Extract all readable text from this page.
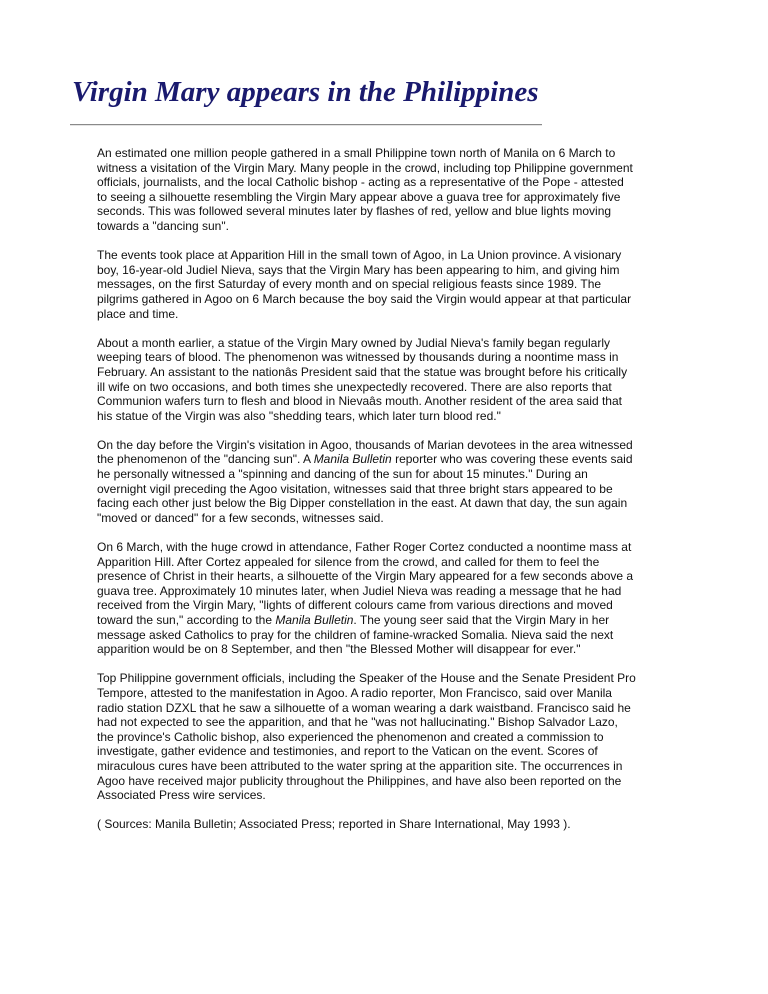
Virgin Mary appears in the Philippines

An estimated one million people gathered in a small Philippine town north of Manila on 6 March to witness a visitation of the Virgin Mary. Many people in the crowd, including top Philippine government officials, journalists, and the local Catholic bishop - acting as a representative of the Pope - attested to seeing a silhouette resembling the Virgin Mary appear above a guava tree for approximately five seconds. This was followed several minutes later by flashes of red, yellow and blue lights moving towards a "dancing sun".

The events took place at Apparition Hill in the small town of Agoo, in La Union province. A visionary boy, 16-year-old Judiel Nieva, says that the Virgin Mary has been appearing to him, and giving him messages, on the first Saturday of every month and on special religious feasts since 1989. The pilgrims gathered in Agoo on 6 March because the boy said the Virgin would appear at that particular place and time.

About a month earlier, a statue of the Virgin Mary owned by Judial Nieva's family began regularly weeping tears of blood. The phenomenon was witnessed by thousands during a noontime mass in February. An assistant to the nationâs President said that the statue was brought before his critically ill wife on two occasions, and both times she unexpectedly recovered. There are also reports that Communion wafers turn to flesh and blood in Nievaâs mouth. Another resident of the area said that his statue of the Virgin was also "shedding tears, which later turn blood red."

On the day before the Virgin's visitation in Agoo, thousands of Marian devotees in the area witnessed the phenomenon of the "dancing sun". A Manila Bulletin reporter who was covering these events said he personally witnessed a "spinning and dancing of the sun for about 15 minutes." During an overnight vigil preceding the Agoo visitation, witnesses said that three bright stars appeared to be facing each other just below the Big Dipper constellation in the east. At dawn that day, the sun again "moved or danced" for a few seconds, witnesses said.

On 6 March, with the huge crowd in attendance, Father Roger Cortez conducted a noontime mass at Apparition Hill. After Cortez appealed for silence from the crowd, and called for them to feel the presence of Christ in their hearts, a silhouette of the Virgin Mary appeared for a few seconds above a guava tree. Approximately 10 minutes later, when Judiel Nieva was reading a message that he had received from the Virgin Mary, "lights of different colours came from various directions and moved toward the sun," according to the Manila Bulletin. The young seer said that the Virgin Mary in her message asked Catholics to pray for the children of famine-wracked Somalia. Nieva said the next apparition would be on 8 September, and then "the Blessed Mother will disappear for ever."

Top Philippine government officials, including the Speaker of the House and the Senate President Pro Tempore, attested to the manifestation in Agoo. A radio reporter, Mon Francisco, said over Manila radio station DZXL that he saw a silhouette of a woman wearing a dark waistband. Francisco said he had not expected to see the apparition, and that he "was not hallucinating." Bishop Salvador Lazo, the province's Catholic bishop, also experienced the phenomenon and created a commission to investigate, gather evidence and testimonies, and report to the Vatican on the event. Scores of miraculous cures have been attributed to the water spring at the apparition site. The occurrences in Agoo have received major publicity throughout the Philippines, and have also been reported on the Associated Press wire services.

( Sources: Manila Bulletin; Associated Press; reported in Share International, May 1993 ).
